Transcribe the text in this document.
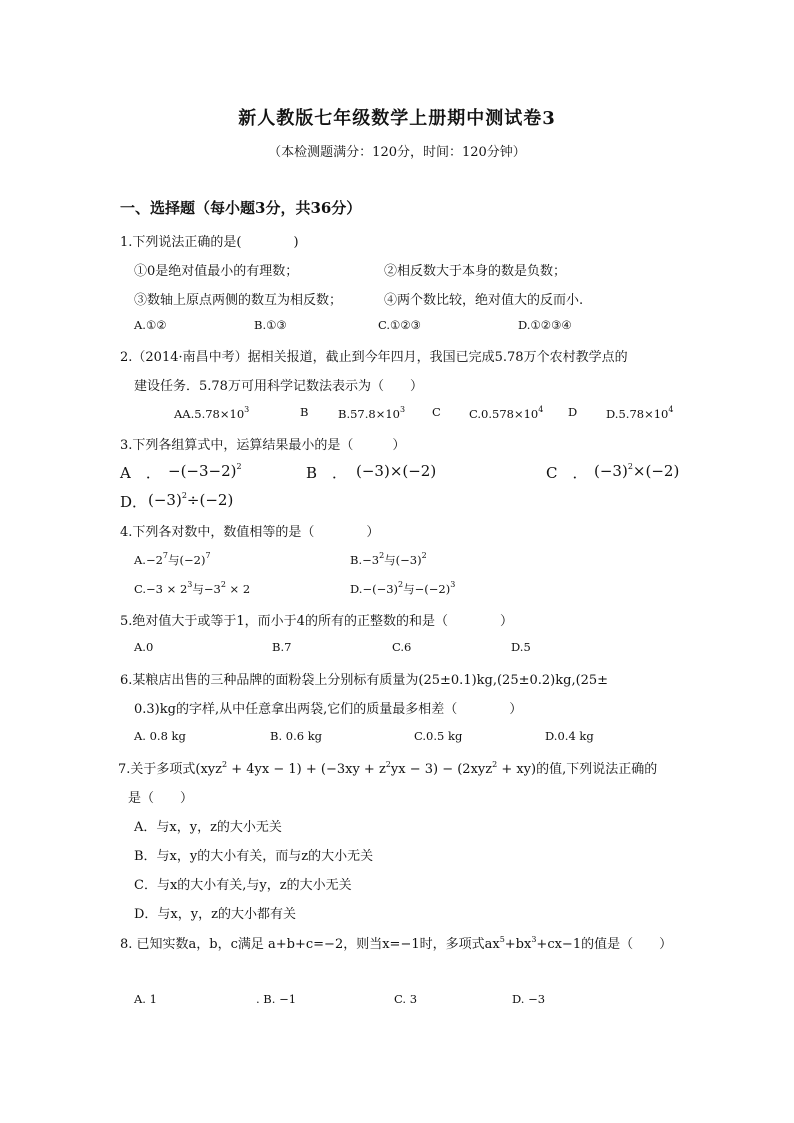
新人教版七年级数学上册期中测试卷3
（本检测题满分：120分，时间：120分钟）
一、选择题（每小题3分，共36分）
1.下列说法正确的是(　　　　)
①0是绝对值最小的有理数；	②相反数大于本身的数是负数；
③数轴上原点两侧的数互为相反数；	④两个数比较，绝对值大的反而小.
A.①②	B.①③	C.①②③	D.①②③④
2.（2014·南昌中考）据相关报道，截止到今年四月，我国已完成5.78万个农村教学点的
建设任务．5.78万可用科学记数法表示为（　　）
$AA.5.78\times 10^3$	B	$B.57.8\times 10^3$ C $C.0.578\times 10^4$ D	$D.5.78\times 10^4$
3.下列各组算式中，运算结果最小的是（　　　）
A　． $-(-3-2)^2$	B　． (−3)×(−2)	C　． $(-3)^2\times(-2)$
D． $(-3)^2\div(-2)$
4.下列各对数中，数值相等的是（　　　　）
$A.-2^7$与$(-2)^7$	$B.-3^2$与$(-3)^2$
$C.-3 \times 2^3$与$-3^2 \times 2$	$D.-(-3)^2$与$-(-2)^3$
5.绝对值大于或等于1，而小于4的所有的正整数的和是（　　　　）
A.0	B.7	C.6	D.5
6.某粮店出售的三种品牌的面粉袋上分别标有质量为(25±0.1)kg,(25±0.2)kg,(25±
0.3)kg的字样,从中任意拿出两袋,它们的质量最多相差（　　　　）
A. 0.8 kg	B. 0.6 kg	C.0.5 kg	D.0.4 kg
7.关于多项式$(xyz^2 + 4yx - 1) + (-3xy + z^2yx - 3) - (2xyz^2 + xy)$的值,下列说法正确的
是（　　）
A．与x，y，z的大小无关
B．与x，y的大小有关，而与z的大小无关
C．与x的大小有关,与y，z的大小无关
D．与x，y，z的大小都有关
8. 已知实数a，b，c满足 a+b+c=−2，则当x=−1时，多项式$ax^5+bx^3+cx-1$的值是（　　）
A. 1	. B. −1	C. 3	D. −3
